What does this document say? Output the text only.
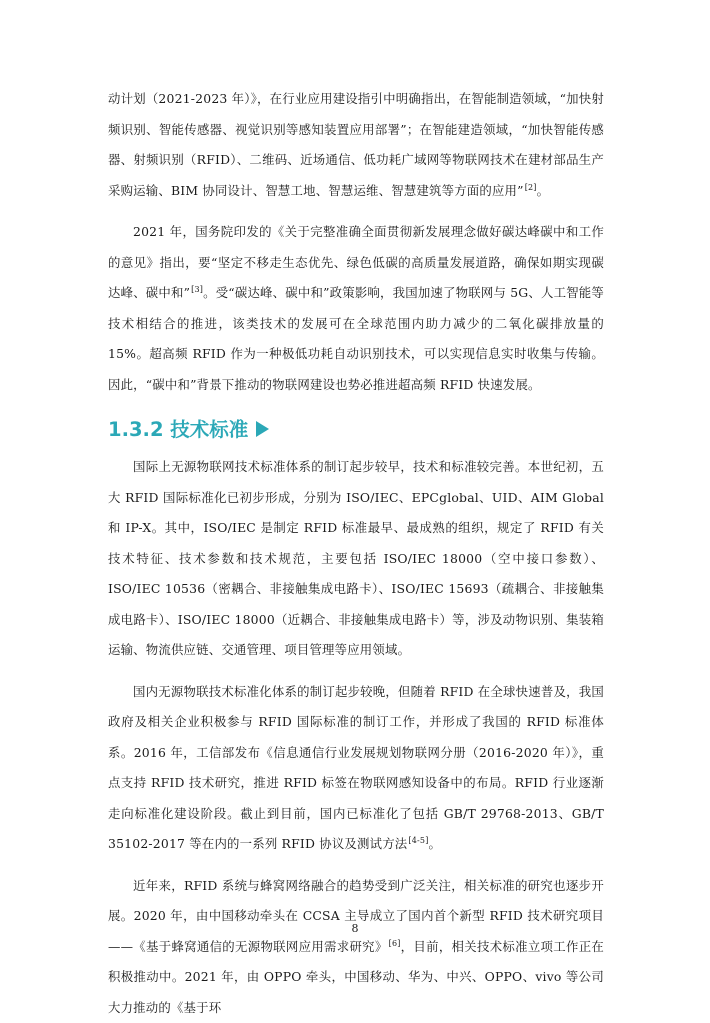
动计划（2021-2023 年）》，在行业应用建设指引中明确指出，在智能制造领域，“加快射频识别、智能传感器、视觉识别等感知装置应用部署”；在智能建造领域，“加快智能传感器、射频识别（RFID）、二维码、近场通信、低功耗广域网等物联网技术在建材部品生产采购运输、BIM 协同设计、智慧工地、智慧运维、智慧建筑等方面的应用”[2]。

2021 年，国务院印发的《关于完整准确全面贯彻新发展理念做好碳达峰碳中和工作的意见》指出，要“坚定不移走生态优先、绿色低碳的高质量发展道路，确保如期实现碳达峰、碳中和”[3]。受“碳达峰、碳中和”政策影响，我国加速了物联网与 5G、人工智能等技术相结合的推进，该类技术的发展可在全球范围内助力减少的二氧化碳排放量的 15%。超高频 RFID 作为一种极低功耗自动识别技术，可以实现信息实时收集与传输。因此，“碳中和”背景下推动的物联网建设也势必推进超高频 RFID 快速发展。

1.3.2 技术标准

国际上无源物联网技术标准体系的制订起步较早，技术和标准较完善。本世纪初，五大 RFID 国际标准化已初步形成，分别为 ISO/IEC、EPCglobal、UID、AIM Global 和 IP-X。其中，ISO/IEC 是制定 RFID 标准最早、最成熟的组织，规定了 RFID 有关技术特征、技术参数和技术规范，主要包括 ISO/IEC 18000（空中接口参数）、ISO/IEC 10536（密耦合、非接触集成电路卡）、ISO/IEC 15693（疏耦合、非接触集成电路卡）、ISO/IEC 18000（近耦合、非接触集成电路卡）等，涉及动物识别、集装箱运输、物流供应链、交通管理、项目管理等应用领域。

国内无源物联技术标准化体系的制订起步较晚，但随着 RFID 在全球快速普及，我国政府及相关企业积极参与 RFID 国际标准的制订工作，并形成了我国的 RFID 标准体系。2016 年，工信部发布《信息通信行业发展规划物联网分册（2016-2020 年）》，重点支持 RFID 技术研究，推进 RFID 标签在物联网感知设备中的布局。RFID 行业逐渐走向标准化建设阶段。截止到目前，国内已标准化了包括 GB/T 29768-2013、GB/T 35102-2017 等在内的一系列 RFID 协议及测试方法[4-5]。

近年来，RFID 系统与蜂窝网络融合的趋势受到广泛关注，相关标准的研究也逐步开展。2020 年，由中国移动牵头在 CCSA 主导成立了国内首个新型 RFID 技术研究项目——《基于蜂窝通信的无源物联网应用需求研究》[6]，目前，相关技术标准立项工作正在积极推动中。2021 年，由 OPPO 牵头，中国移动、华为、中兴、OPPO、vivo 等公司大力推动的《基于环

8
